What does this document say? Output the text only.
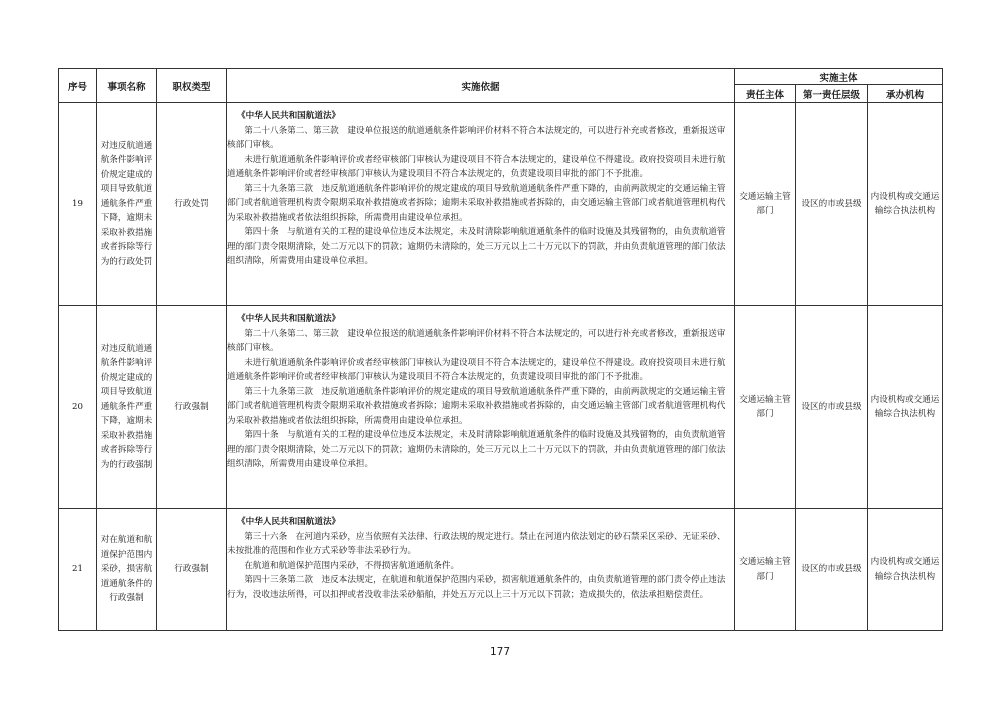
序号	事项名称	职权类型	实施依据	实施主体		
				责任主体	第一责任层级	承办机构
19	对违反航道通航条件影响评价规定建成的项目导致航道通航条件严重下降，逾期未采取补救措施或者拆除等行为的行政处罚	行政处罚	《中华人民共和国航道法》

第二十八条第二、第三款　建设单位报送的航道通航条件影响评价材料不符合本法规定的，可以进行补充或者修改，重新报送审核部门审核。

未进行航道通航条件影响评价或者经审核部门审核认为建设项目不符合本法规定的，建设单位不得建设。政府投资项目未进行航道通航条件影响评价或者经审核部门审核认为建设项目不符合本法规定的，负责建设项目审批的部门不予批准。

第三十九条第三款　违反航道通航条件影响评价的规定建成的项目导致航道通航条件严重下降的，由前两款规定的交通运输主管部门或者航道管理机构责令限期采取补救措施或者拆除；逾期未采取补救措施或者拆除的，由交通运输主管部门或者航道管理机构代为采取补救措施或者依法组织拆除，所需费用由建设单位承担。

第四十条　与航道有关的工程的建设单位违反本法规定，未及时清除影响航道通航条件的临时设施及其残留物的，由负责航道管理的部门责令限期清除，处二万元以下的罚款；逾期仍未清除的，处三万元以上二十万元以下的罚款，并由负责航道管理的部门依法组织清除，所需费用由建设单位承担。	交通运输主管部门	设区的市或县级	内设机构或交通运输综合执法机构
20	对违反航道通航条件影响评价规定建成的项目导致航道通航条件严重下降，逾期未采取补救措施或者拆除等行为的行政强制	行政强制	《中华人民共和国航道法》

第二十八条第二、第三款　建设单位报送的航道通航条件影响评价材料不符合本法规定的，可以进行补充或者修改，重新报送审核部门审核。

未进行航道通航条件影响评价或者经审核部门审核认为建设项目不符合本法规定的，建设单位不得建设。政府投资项目未进行航道通航条件影响评价或者经审核部门审核认为建设项目不符合本法规定的，负责建设项目审批的部门不予批准。

第三十九条第三款　违反航道通航条件影响评价的规定建成的项目导致航道通航条件严重下降的，由前两款规定的交通运输主管部门或者航道管理机构责令限期采取补救措施或者拆除；逾期未采取补救措施或者拆除的，由交通运输主管部门或者航道管理机构代为采取补救措施或者依法组织拆除，所需费用由建设单位承担。

第四十条　与航道有关的工程的建设单位违反本法规定，未及时清除影响航道通航条件的临时设施及其残留物的，由负责航道管理的部门责令限期清除，处二万元以下的罚款；逾期仍未清除的，处三万元以上二十万元以下的罚款，并由负责航道管理的部门依法组织清除，所需费用由建设单位承担。	交通运输主管部门	设区的市或县级	内设机构或交通运输综合执法机构
21	对在航道和航道保护范围内采砂，损害航道通航条件的行政强制	行政强制	《中华人民共和国航道法》

第三十六条　在河道内采砂，应当依照有关法律、行政法规的规定进行。禁止在河道内依法划定的砂石禁采区采砂、无证采砂、未按批准的范围和作业方式采砂等非法采砂行为。

在航道和航道保护范围内采砂，不得损害航道通航条件。

第四十三条第二款　违反本法规定，在航道和航道保护范围内采砂，损害航道通航条件的，由负责航道管理的部门责令停止违法行为，没收违法所得，可以扣押或者没收非法采砂船舶，并处五万元以上三十万元以下罚款；造成损失的，依法承担赔偿责任。	交通运输主管部门	设区的市或县级	内设机构或交通运输综合执法机构
177
